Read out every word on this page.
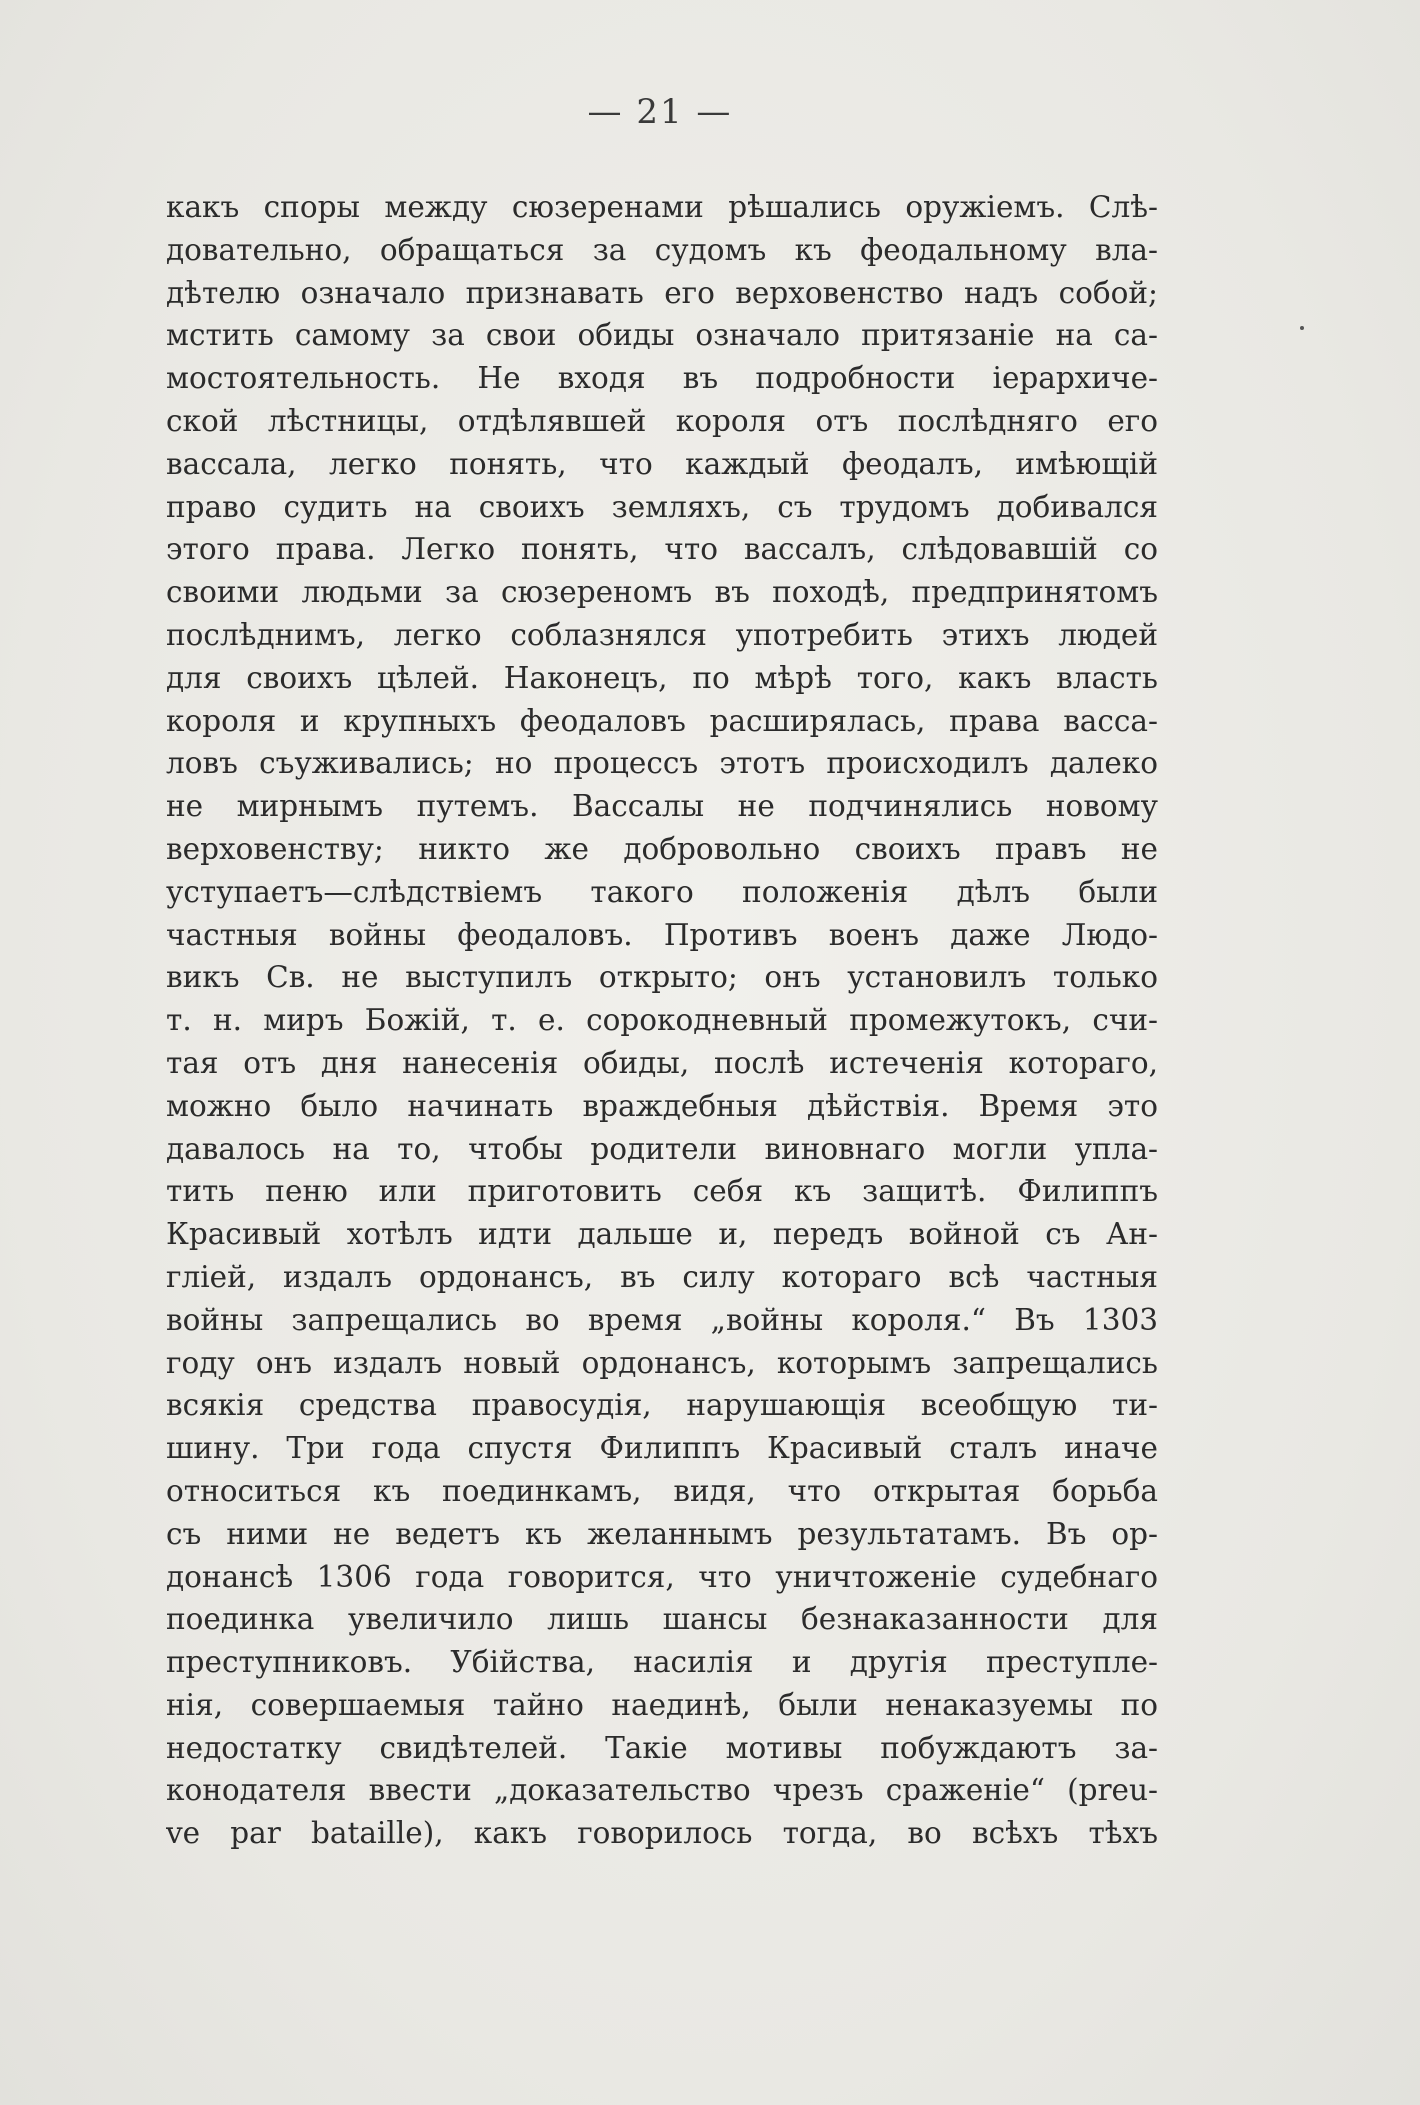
— 21 —
какъ споры между сюзеренами рѣшались оружіемъ. Слѣ-
довательно, обращаться за судомъ къ феодальному вла-
дѣтелю означало признавать его верховенство надъ собой;
мстить самому за свои обиды означало притязаніе на са-
мостоятельность. Не входя въ подробности іерархиче-
ской лѣстницы, отдѣлявшей короля отъ послѣдняго его
вассала, легко понять, что каждый феодалъ, имѣющій
право судить на своихъ земляхъ, съ трудомъ добивался
этого права. Легко понять, что вассалъ, слѣдовавшій со
своими людьми за сюзереномъ въ походѣ, предпринятомъ
послѣднимъ, легко соблазнялся употребить этихъ людей
для своихъ цѣлей. Наконецъ, по мѣрѣ того, какъ власть
короля и крупныхъ феодаловъ расширялась, права васса-
ловъ съуживались; но процессъ этотъ происходилъ далеко
не мирнымъ путемъ. Вассалы не подчинялись новому
верховенству; никто же добровольно своихъ правъ не
уступаетъ—слѣдствіемъ такого положенія дѣлъ были
частныя войны феодаловъ. Противъ военъ даже Людо-
викъ Св. не выступилъ открыто; онъ установилъ только
т. н. миръ Божій, т. е. сорокодневный промежутокъ, счи-
тая отъ дня нанесенія обиды, послѣ истеченія котораго,
можно было начинать враждебныя дѣйствія. Время это
давалось на то, чтобы родители виновнаго могли упла-
тить пеню или приготовить себя къ защитѣ. Филиппъ
Красивый хотѣлъ идти дальше и, передъ войной съ Ан-
гліей, издалъ ордонансъ, въ силу котораго всѣ частныя
войны запрещались во время „войны короля.“ Въ 1303
году онъ издалъ новый ордонансъ, которымъ запрещались
всякія средства правосудія, нарушающія всеобщую ти-
шину. Три года спустя Филиппъ Красивый сталъ иначе
относиться къ поединкамъ, видя, что открытая борьба
съ ними не ведетъ къ желаннымъ результатамъ. Въ ор-
донансѣ 1306 года говорится, что уничтоженіе судебнаго
поединка увеличило лишь шансы безнаказанности для
преступниковъ. Убійства, насилія и другія преступле-
нія, совершаемыя тайно наединѣ, были ненаказуемы по
недостатку свидѣтелей. Такіе мотивы побуждаютъ за-
конодателя ввести „доказательство чрезъ сраженіе“ (preu-
ve par bataille), какъ говорилось тогда, во всѣхъ тѣхъ
